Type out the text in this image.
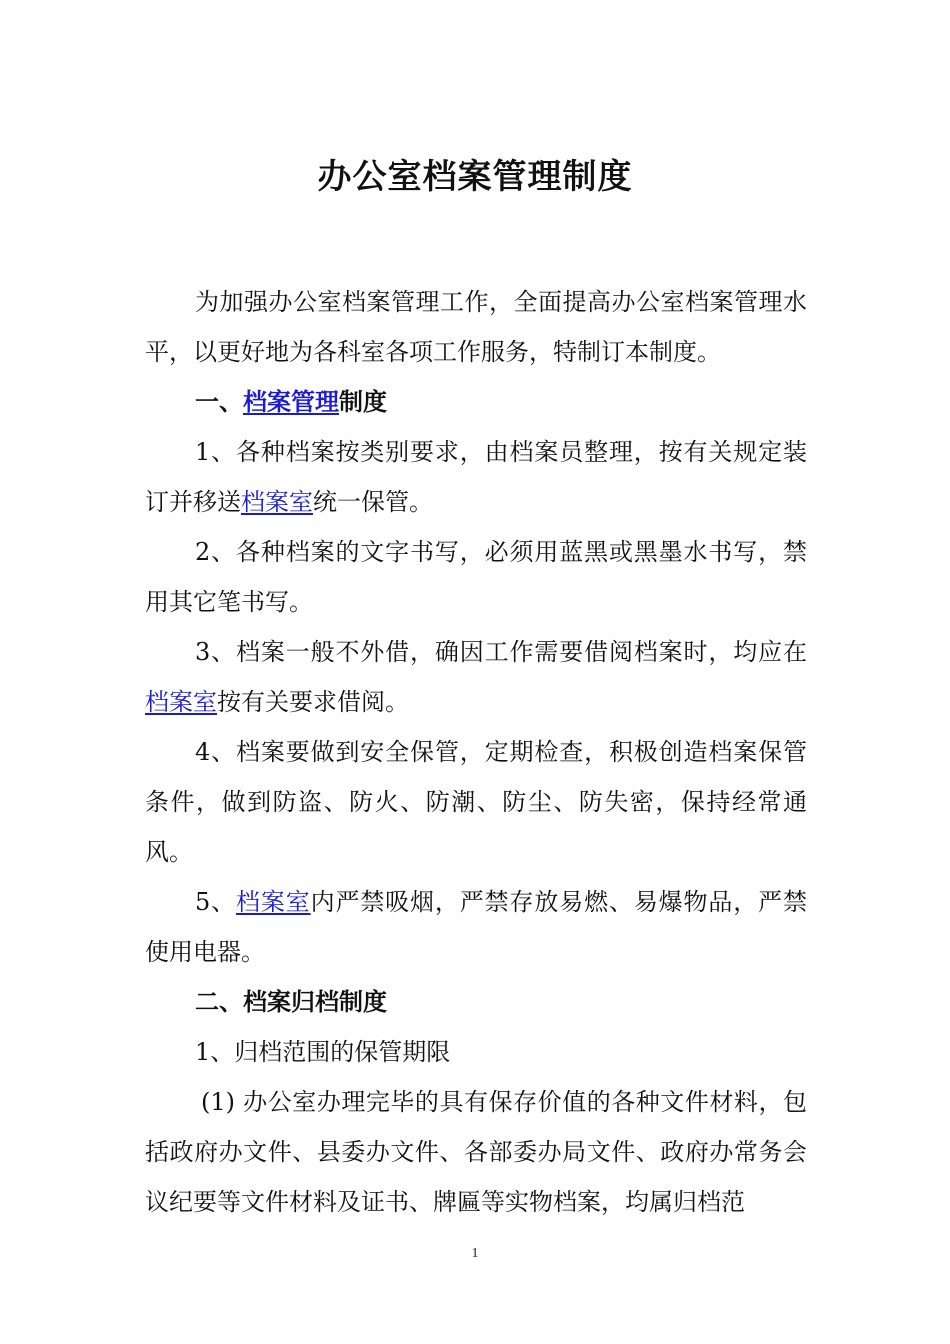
办公室档案管理制度

为加强办公室档案管理工作，全面提高办公室档案管理水平，以更好地为各科室各项工作服务，特制订本制度。

一、档案管理制度

1、各种档案按类别要求，由档案员整理，按有关规定装订并移送档案室统一保管。

2、各种档案的文字书写，必须用蓝黑或黑墨水书写，禁用其它笔书写。

3、档案一般不外借，确因工作需要借阅档案时，均应在档案室按有关要求借阅。

4、档案要做到安全保管，定期检查，积极创造档案保管条件，做到防盗、防火、防潮、防尘、防失密，保持经常通风。

5、档案室内严禁吸烟，严禁存放易燃、易爆物品，严禁使用电器。

二、档案归档制度

1、归档范围的保管期限

(1) 办公室办理完毕的具有保存价值的各种文件材料，包括政府办文件、县委办文件、各部委办局文件、政府办常务会议纪要等文件材料及证书、牌匾等实物档案，均属归档范

1
